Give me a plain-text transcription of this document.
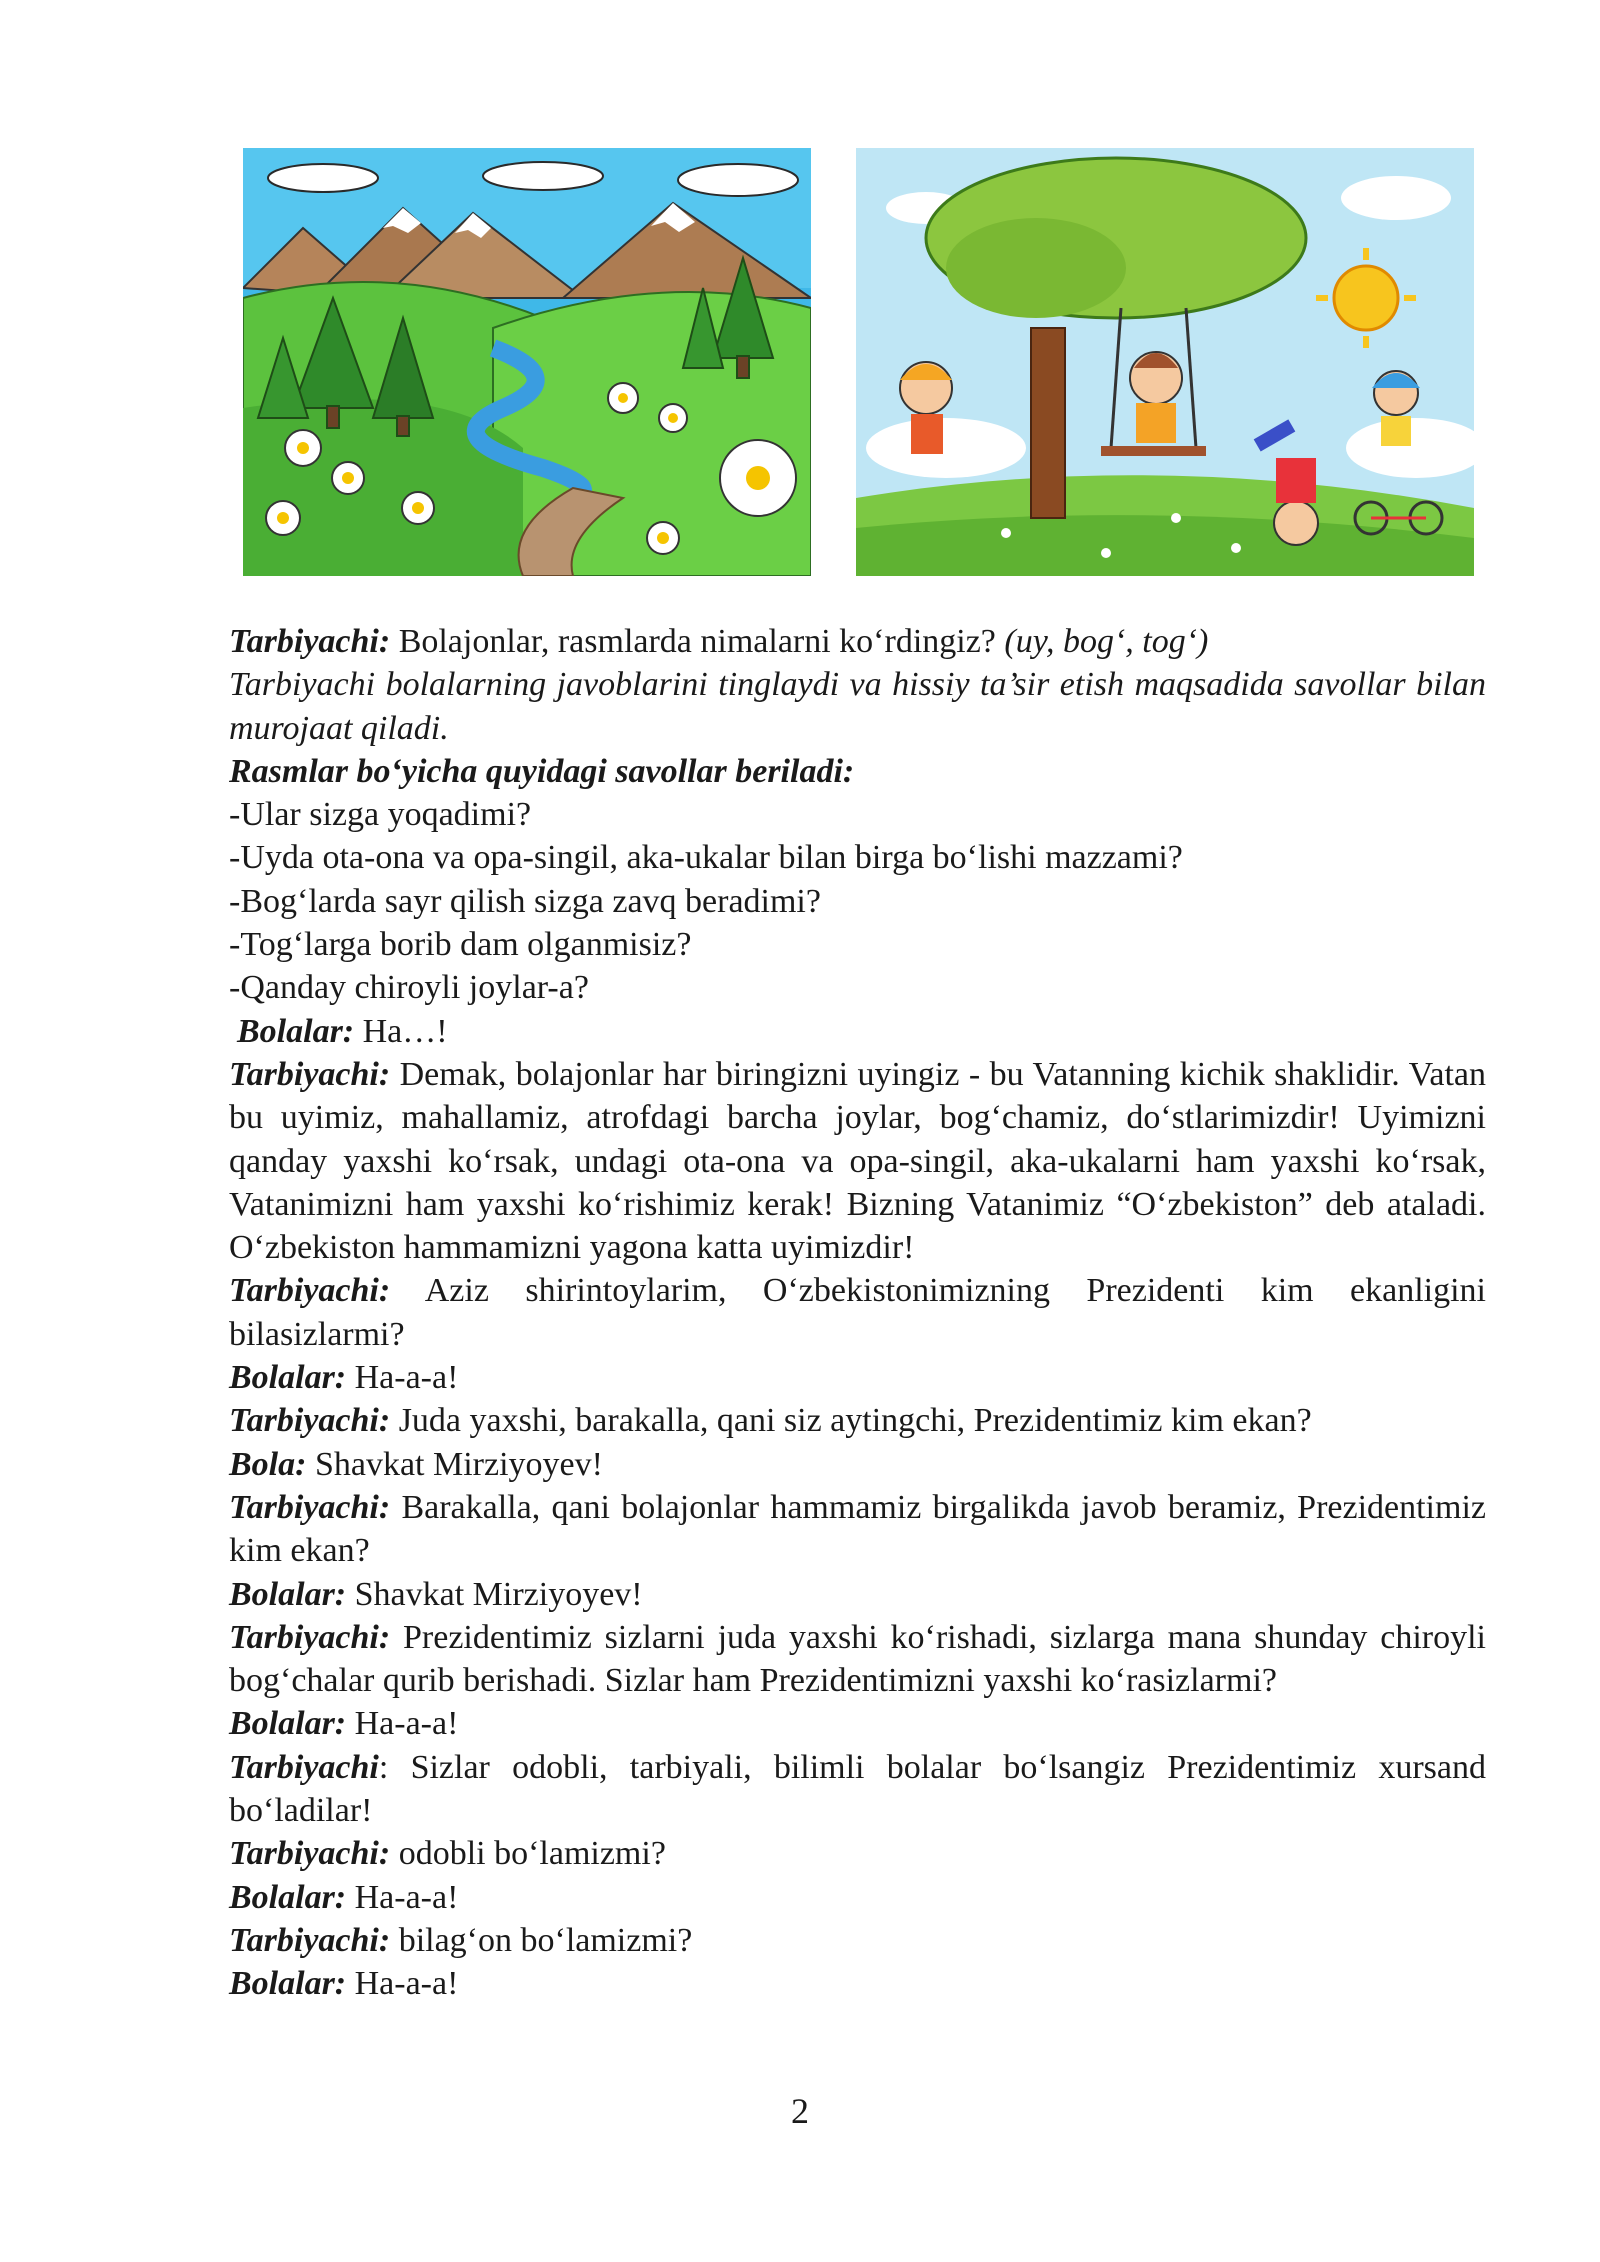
Tarbiyachi: Bolajonlar, rasmlarda nimalarni ko‘rdingiz? (uy, bog‘, tog‘)

Tarbiyachi bolalarning javoblarini tinglaydi va hissiy ta’sir etish maqsadida savollar bilan murojaat qiladi.

Rasmlar bo‘yicha quyidagi savollar beriladi:

-Ular sizga yoqadimi?

-Uyda ota-ona va opa-singil, aka-ukalar bilan birga bo‘lishi mazzami?

-Bog‘larda sayr qilish sizga zavq beradimi?

-Tog‘larga borib dam olganmisiz?

-Qanday chiroyli joylar-a?

Bolalar: Ha…!

Tarbiyachi: Demak, bolajonlar har biringizni uyingiz - bu Vatanning kichik shaklidir. Vatan bu uyimiz, mahallamiz, atrofdagi barcha joylar, bog‘chamiz, do‘stlarimizdir! Uyimizni qanday yaxshi ko‘rsak, undagi ota-ona va opa-singil, aka-ukalarni ham yaxshi ko‘rsak, Vatanimizni ham yaxshi ko‘rishimiz kerak! Bizning Vatanimiz “O‘zbekiston” deb ataladi. O‘zbekiston hammamizni yagona katta uyimizdir!

Tarbiyachi: Aziz shirintoylarim, O‘zbekistonimizning Prezidenti kim ekanligini bilasizlarmi?

Bolalar: Ha-a-a!

Tarbiyachi: Juda yaxshi, barakalla, qani siz aytingchi, Prezidentimiz kim ekan?

Bola: Shavkat Mirziyoyev!

Tarbiyachi: Barakalla, qani bolajonlar hammamiz birgalikda javob beramiz, Prezidentimiz kim ekan?

Bolalar: Shavkat Mirziyoyev!

Tarbiyachi: Prezidentimiz sizlarni juda yaxshi ko‘rishadi, sizlarga mana shunday chiroyli bog‘chalar qurib berishadi. Sizlar ham Prezidentimizni yaxshi ko‘rasizlarmi?

Bolalar: Ha-a-a!

Tarbiyachi: Sizlar odobli, tarbiyali, bilimli bolalar bo‘lsangiz Prezidentimiz xursand bo‘ladilar!

Tarbiyachi: odobli bo‘lamizmi?

Bolalar: Ha-a-a!

Tarbiyachi: bilag‘on bo‘lamizmi?

Bolalar: Ha-a-a!

2
